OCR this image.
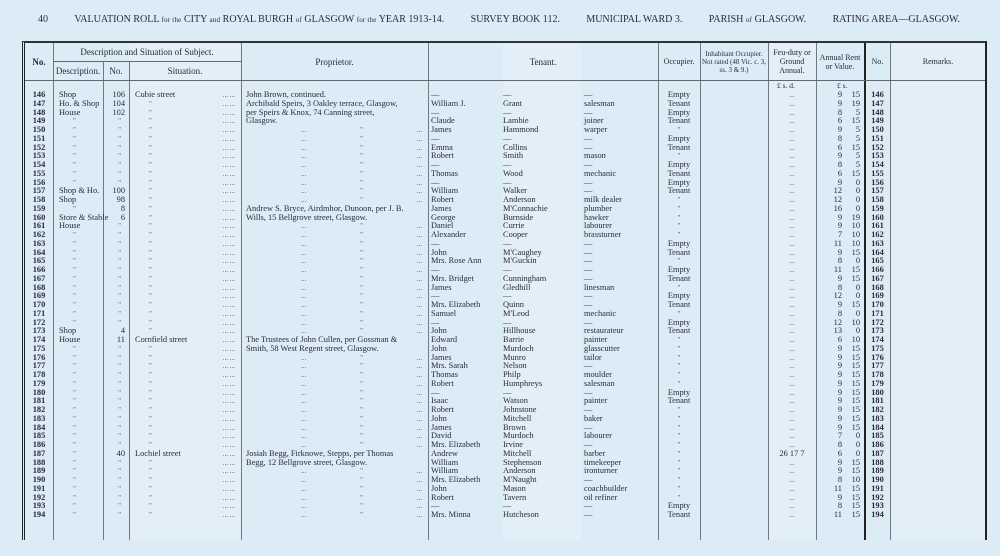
40	VALUATION ROLL for the CITY and ROYAL BURGH of GLASGOW for the YEAR 1913-14.	SURVEY BOOK 112.	MUNICIPAL WARD 3.	PARISH of GLASGOW.	RATING AREA—GLASGOW.
No.
Description and Situation of Subject.
Description.	No.	Situation.
Proprietor.	Tenant.	Occupier.
Inhabitant Occupier. Not rated (48 Vic. c. 3, ss. 3 & 9.)
Feu-duty or Ground Annual.
Annual Rent or Value.
No.	Remarks.
£ s. d.	£ s.
146	Shop	106	Cubie street ...	John Brown, continued.	—	—	—	Empty	...	9	15	146
147	Ho. & Shop	104	" ...	Archibald Speirs, 3 Oakley terrace, Glasgow,	William J.	Grant	salesman	Tenant	...	9	19	147
148	House	102	" ...	per Speirs & Knox, 74 Canning street,	—	—	—	Empty	...	8	5	148
149	"	"	" ...	Glasgow.	Claude	Lambie	joiner	Tenant	...	6	15	149
150	"	"	" ...	...	"	...	James	Hammond	warper	"	...	9	5	150
151	"	"	" ...	...	"	...	—	—	—	Empty	...	8	5	151
152	"	"	" ...	...	"	...	Emma	Collins	—	Tenant	...	6	15	152
153	"	"	" ...	...	"	...	Robert	Smith	mason	"	...	9	5	153
154	"	"	" ...	...	"	...	—	—	—	Empty	...	8	5	154
155	"	"	" ...	...	"	...	Thomas	Wood	mechanic	Tenant	...	6	15	155
156	"	"	" ...	...	"	...	—	—	—	Empty	...	9	0	156
157	Shop & Ho.	100	" ...	...	"	...	William	Walker	—	Tenant	...	12	0	157
158	Shop	98	" ...	...	"	...	Robert	Anderson	milk dealer	"	...	12	0	158
159	"	8	" ...	Andrew S. Bryce, Airdmhor, Dunoon, per J. B.	James	M'Connachie	plumber	"	...	16	0	159
160	Store & Stable	6	" ...	Wills, 15 Bellgrove street, Glasgow.	George	Burnside	hawker	"	...	9	19	160
161	House	"	" ...	...	"	...	Daniel	Currie	labourer	"	...	9	10	161
162	"	"	" ...	...	"	...	Alexander	Cooper	brassturner	"	...	7	10	162
163	"	"	" ...	...	"	...	—	—	—	Empty	...	11	10	163
164	"	"	" ...	...	"	...	John	M'Caughey	—	Tenant	...	9	15	164
165	"	"	" ...	...	"	...	Mrs. Rose Ann	M'Guckin	—	"	...	8	0	165
166	"	"	" ...	...	"	...	—	—	—	Empty	...	11	15	166
167	"	"	" ...	...	"	...	Mrs. Bridget	Cunningham	—	Tenant	...	9	15	167
168	"	"	" ...	...	"	...	James	Gledhill	linesman	"	...	8	0	168
169	"	"	" ...	...	"	...	—	—	—	Empty	...	12	0	169
170	"	"	" ...	...	"	...	Mrs. Elizabeth	Quinn	—	Tenant	...	9	15	170
171	"	"	" ...	...	"	...	Samuel	M'Leod	mechanic	"	...	8	0	171
172	"	"	" ...	...	"	...	—	—	—	Empty	...	12	10	172
173	Shop	4	" ...	...	"	...	John	Hillhouse	restaurateur	Tenant	...	13	0	173
174	House	11	Cornfield street ...	The Trustees of John Cullen, per Gossman &	Edward	Barrie	painter	"	...	6	10	174
175	"	"	" ...	Smith, 58 West Regent street, Glasgow.	John	Murdoch	glasscutter	"	...	9	15	175
176	"	"	" ...	...	"	...	James	Munro	tailor	"	...	9	15	176
177	"	"	" ...	...	"	...	Mrs. Sarah	Nelson	—	"	...	9	15	177
178	"	"	" ...	...	"	...	Thomas	Philp	moulder	"	...	9	15	178
179	"	"	" ...	...	"	...	Robert	Humphreys	salesman	"	...	9	15	179
180	"	"	" ...	...	"	...	—	—	—	Empty	...	9	15	180
181	"	"	" ...	...	"	...	Isaac	Watson	painter	Tenant	...	9	15	181
182	"	"	" ...	...	"	...	Robert	Johnstone	—	"	...	9	15	182
183	"	"	" ...	...	"	...	John	Mitchell	baker	"	...	9	15	183
184	"	"	" ...	...	"	...	James	Brown	—	"	...	9	15	184
185	"	"	" ...	...	"	...	David	Murdoch	labourer	"	...	7	0	185
186	"	"	" ...	...	"	...	Mrs. Elizabeth	Irvine	—	"	...	8	0	186
187	"	40	Lochiel street ...	Josiah Begg, Firknowe, Stepps, per Thomas	Andrew	Mitchell	barber	"	26 17 7	6	0	187
188	"	"	" ...	Begg, 12 Bellgrove street, Glasgow.	William	Stephenson	timekeeper	"	...	9	15	188
189	"	"	" ...	...	"	...	William	Anderson	ironturner	"	...	9	15	189
190	"	"	" ...	...	"	...	Mrs. Elizabeth	M'Naught	—	"	...	8	10	190
191	"	"	" ...	...	"	...	John	Mason	coachbuilder	"	...	11	15	191
192	"	"	" ...	...	"	...	Robert	Tavern	oil refiner	"	...	9	15	192
193	"	"	" ...	...	"	...	—	—	—	Empty	...	8	15	193
194	"	"	" ...	...	"	...	Mrs. Minna	Hutcheson	—	Tenant	...	11	15	194
